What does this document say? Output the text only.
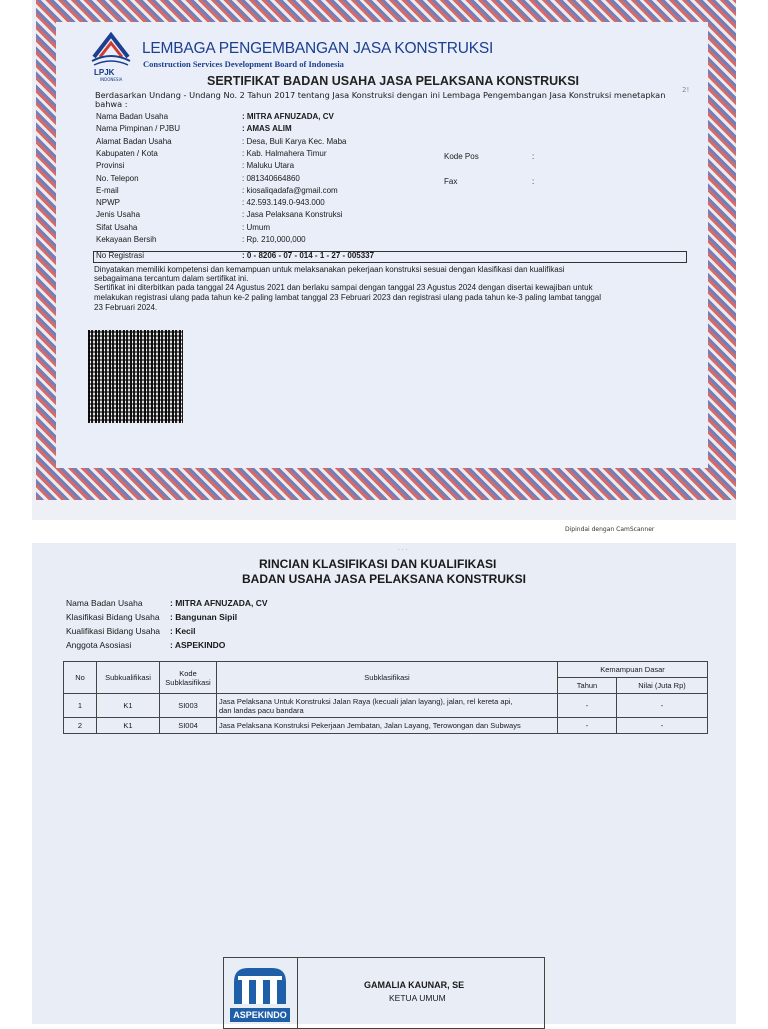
LPJK
INDONESIA
LEMBAGA PENGEMBANGAN JASA KONSTRUKSI
Construction Services Development Board of Indonesia
SERTIFIKAT BADAN USAHA JASA PELAKSANA KONSTRUKSI
2!
Berdasarkan Undang - Undang No. 2 Tahun 2017 tentang Jasa Konstruksi dengan ini Lembaga Pengembangan Jasa Konstruksi menetapkan
bahwa :
Nama Badan Usaha	: MITRA AFNUZADA, CV
Nama Pimpinan / PJBU	: AMAS ALIM
Alamat Badan Usaha	: Desa, Buli Karya Kec. Maba
Kabupaten / Kota	: Kab. Halmahera Timur
Provinsi	: Maluku Utara
No. Telepon	: 081340664860
E-mail	: kiosaliqadafa@gmail.com
NPWP	: 42.593.149.0-943.000
Jenis Usaha	: Jasa Pelaksana Konstruksi
Sifat Usaha	: Umum
Kekayaan Bersih	: Rp. 210,000,000
No Registrasi	: 0 - 8206 - 07 - 014 - 1 - 27 - 005337
Kode Pos	:
Fax	:
Dinyatakan memiliki kompetensi dan kemampuan untuk melaksanakan pekerjaan konstruksi sesuai dengan klasifikasi dan kualifikasi
sebagaimana tercantum dalam sertifikat ini.
Sertifikat ini diterbitkan pada tanggal 24 Agustus 2021 dan berlaku sampai dengan tanggal 23 Agustus 2024 dengan disertai kewajiban untuk
melakukan registrasi ulang pada tahun ke-2 paling lambat tanggal 23 Februari 2023 dan registrasi ulang pada tahun ke-3 paling lambat tanggal
23 Februari 2024.
Dipindai dengan CamScanner
· · ·
RINCIAN KLASIFIKASI DAN KUALIFIKASI
BADAN USAHA JASA PELAKSANA KONSTRUKSI
Nama Badan Usaha	: MITRA AFNUZADA, CV
Klasifikasi Bidang Usaha : Bangunan Sipil
Kualifikasi Bidang Usaha : Kecil
Anggota Asosiasi	: ASPEKINDO
No	Subkualifikasi	Kode Subklasifikasi	Subklasifikasi	Kemampuan Dasar	
				Tahun	Nilai (Juta Rp)
1	K1	SI003	Jasa Pelaksana Untuk Konstruksi Jalan Raya (kecuali jalan layang), jalan, rel kereta api,
dan landas pacu bandara	-	-
2	K1	SI004	Jasa Pelaksana Konstruksi Pekerjaan Jembatan, Jalan Layang, Terowongan dan Subways	-	-
ASPEKINDO
GAMALIA KAUNAR, SE
KETUA UMUM
